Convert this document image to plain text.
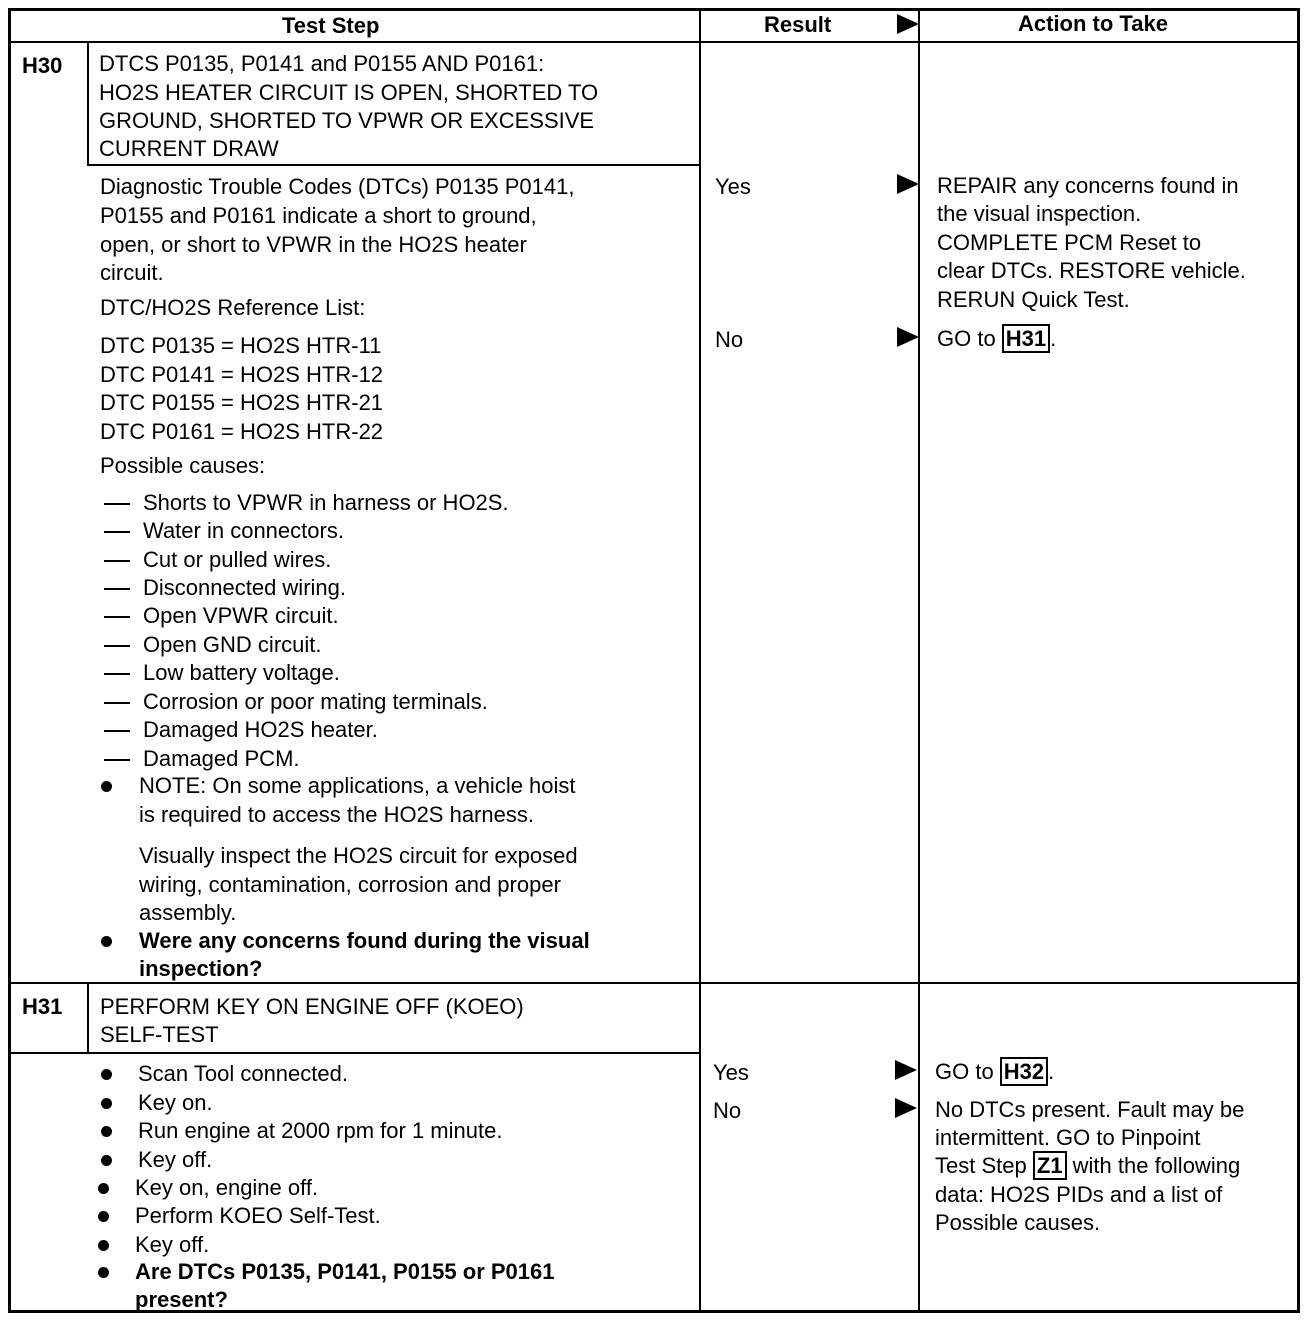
Test Step	Result	Action to Take
H30 DTCS P0135, P0141 and P0155 AND P0161:
HO2S HEATER CIRCUIT IS OPEN, SHORTED TO
GROUND, SHORTED TO VPWR OR EXCESSIVE
CURRENT DRAW
Diagnostic Trouble Codes (DTCs) P0135 P0141,
P0155 and P0161 indicate a short to ground,
open, or short to VPWR in the HO2S heater
circuit.
DTC/HO2S Reference List:
DTC P0135 = HO2S HTR-11
DTC P0141 = HO2S HTR-12
DTC P0155 = HO2S HTR-21
DTC P0161 = HO2S HTR-22
Possible causes:
Shorts to VPWR in harness or HO2S.
Water in connectors.
Cut or pulled wires.
Disconnected wiring.
Open VPWR circuit.
Open GND circuit.
Low battery voltage.
Corrosion or poor mating terminals.
Damaged HO2S heater.
Damaged PCM.
NOTE: On some applications, a vehicle hoist
is required to access the HO2S harness.
Visually inspect the HO2S circuit for exposed
wiring, contamination, corrosion and proper
assembly.
Were any concerns found during the visual
inspection?
Yes	REPAIR any concerns found in
the visual inspection.
COMPLETE PCM Reset to
clear DTCs. RESTORE vehicle.
RERUN Quick Test.
No	GO to H31 .
H31 PERFORM KEY ON ENGINE OFF (KOEO)
SELF-TEST
Scan Tool connected.
Key on.
Run engine at 2000 rpm for 1 minute.
Key off.
Key on, engine off.
Perform KOEO Self-Test.
Key off.
Are DTCs P0135, P0141, P0155 or P0161
present?
Yes	GO to H32 .
No	No DTCs present. Fault may be
intermittent. GO to Pinpoint
Test Step Z1 with the following
data: HO2S PIDs and a list of
Possible causes.
